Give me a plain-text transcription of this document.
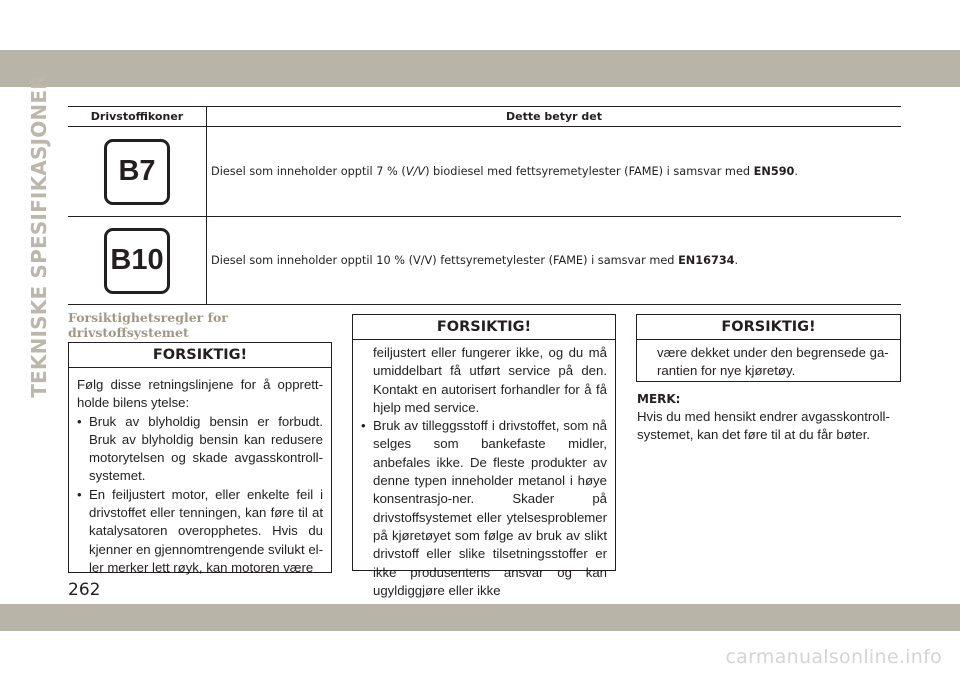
TEKNISKE SPESIFIKASJONER	Drivstoffikoner	Dette betyr det
B7	Diesel som inneholder opptil 7 % (V/V) biodiesel med fettsyremetylester (FAME) i samsvar med EN590.
B10	Diesel som inneholder opptil 10 % (V/V) fettsyremetylester (FAME) i samsvar med EN16734.
Forsiktighetsregler for drivstoffsystemet
FORSIKTIG!

Følg disse retningslinjene for å opprett-holde bilens ytelse:

• Bruk av blyholdig bensin er forbudt. Bruk av blyholdig bensin kan redusere motorytelsen og skade avgasskontroll-systemet.
• En feiljustert motor, eller enkelte feil i drivstoffet eller tenningen, kan føre til at katalysatoren overopphetes. Hvis du kjenner en gjennomtrengende svilukt el-ler merker lett røyk, kan motoren være
FORSIKTIG!

feiljustert eller fungerer ikke, og du må umiddelbart få utført service på den. Kontakt en autorisert forhandler for å få hjelp med service.

• Bruk av tilleggsstoff i drivstoffet, som nå selges som bankefaste midler, anbefales ikke. De fleste produkter av denne typen inneholder metanol i høye konsentrasjo-ner. Skader på drivstoffsystemet eller ytelsesproblemer på kjøretøyet som følge av bruk av slikt drivstoff eller slike tilsetningsstoffer er ikke produsentens ansvar og kan ugyldiggjøre eller ikke
FORSIKTIG!

være dekket under den begrensede ga-rantien for nye kjøretøy.

MERK:
Hvis du med hensikt endrer avgasskontroll-systemet, kan det føre til at du får bøter.
262
carmanualsonline.info
